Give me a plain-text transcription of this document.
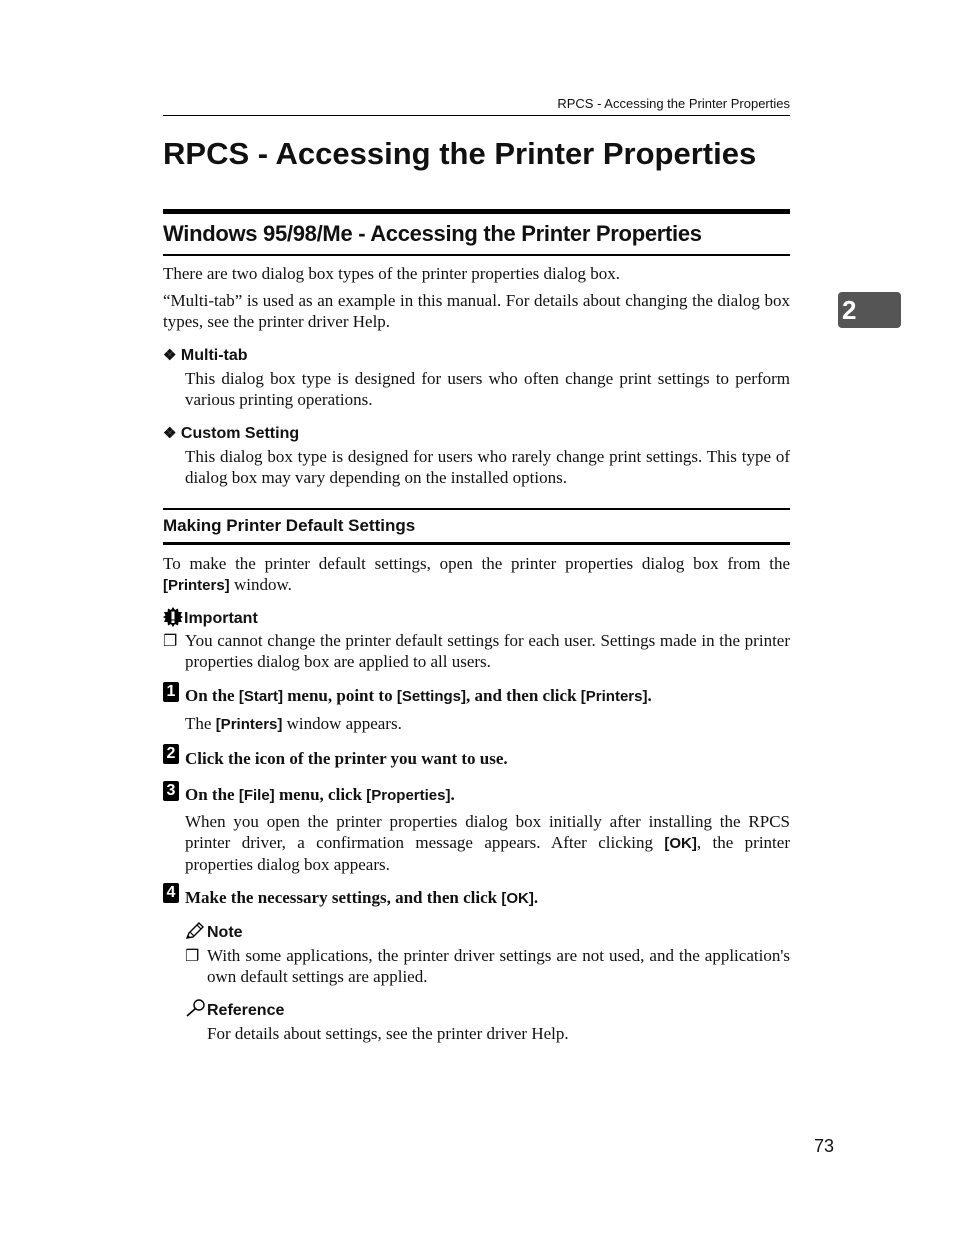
RPCS - Accessing the Printer Properties
RPCS - Accessing the Printer Properties
Windows 95/98/Me - Accessing the Printer Properties
There are two dialog box types of the printer properties dialog box.
“Multi-tab” is used as an example in this manual. For details about changing the dialog box types, see the printer driver Help.
❖ Multi-tab
This dialog box type is designed for users who often change print settings to perform various printing operations.
❖ Custom Setting
This dialog box type is designed for users who rarely change print settings. This type of dialog box may vary depending on the installed options.
Making Printer Default Settings
To make the printer default settings, open the printer properties dialog box from the [Printers] window.
Important
❐ You cannot change the printer default settings for each user. Settings made in the printer properties dialog box are applied to all users.
1 On the [Start] menu, point to [Settings], and then click [Printers].
The [Printers] window appears.
2 Click the icon of the printer you want to use.
3 On the [File] menu, click [Properties].
When you open the printer properties dialog box initially after installing the RPCS printer driver, a confirmation message appears. After clicking [OK], the printer properties dialog box appears.
4 Make the necessary settings, and then click [OK].
Note
❐ With some applications, the printer driver settings are not used, and the application's own default settings are applied.
Reference
For details about settings, see the printer driver Help.
2
73
